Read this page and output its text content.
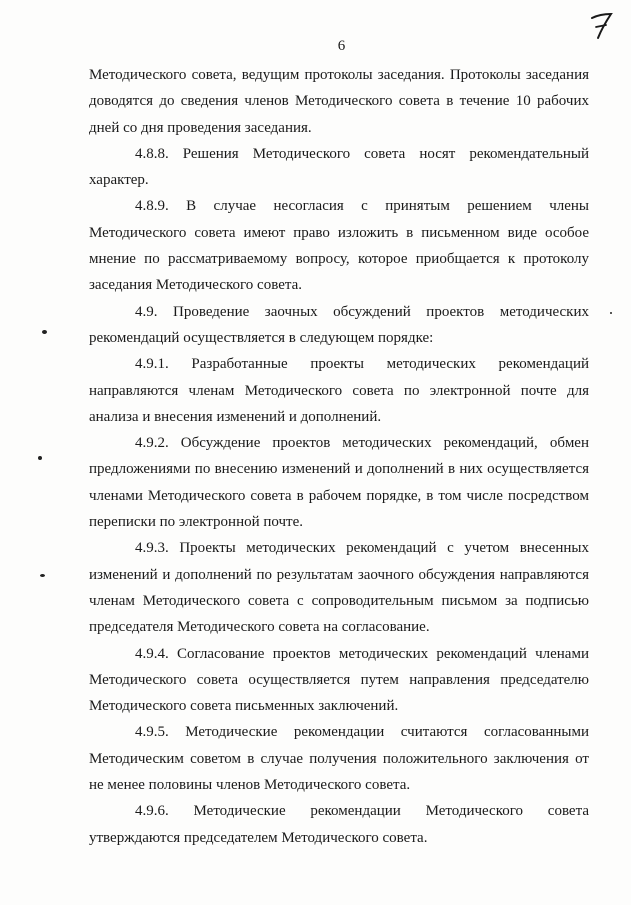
6

Методического совета, ведущим протоколы заседания. Протоколы заседания доводятся до сведения членов Методического совета в течение 10 рабочих дней со дня проведения заседания.

4.8.8. Решения Методического совета носят рекомендательный характер.

4.8.9. В случае несогласия с принятым решением члены Методического совета имеют право изложить в письменном виде особое мнение по рассматриваемому вопросу, которое приобщается к протоколу заседания Методического совета.

4.9. Проведение заочных обсуждений проектов методических рекомендаций осуществляется в следующем порядке:

4.9.1. Разработанные проекты методических рекомендаций направляются членам Методического совета по электронной почте для анализа и внесения изменений и дополнений.

4.9.2. Обсуждение проектов методических рекомендаций, обмен предложениями по внесению изменений и дополнений в них осуществляется членами Методического совета в рабочем порядке, в том числе посредством переписки по электронной почте.

4.9.3. Проекты методических рекомендаций с учетом внесенных изменений и дополнений по результатам заочного обсуждения направляются членам Методического совета с сопроводительным письмом за подписью председателя Методического совета на согласование.

4.9.4. Согласование проектов методических рекомендаций членами Методического совета осуществляется путем направления председателю Методического совета письменных заключений.

4.9.5. Методические рекомендации считаются согласованными Методическим советом в случае получения положительного заключения от не менее половины членов Методического совета.

4.9.6. Методические рекомендации Методического совета утверждаются председателем Методического совета.
